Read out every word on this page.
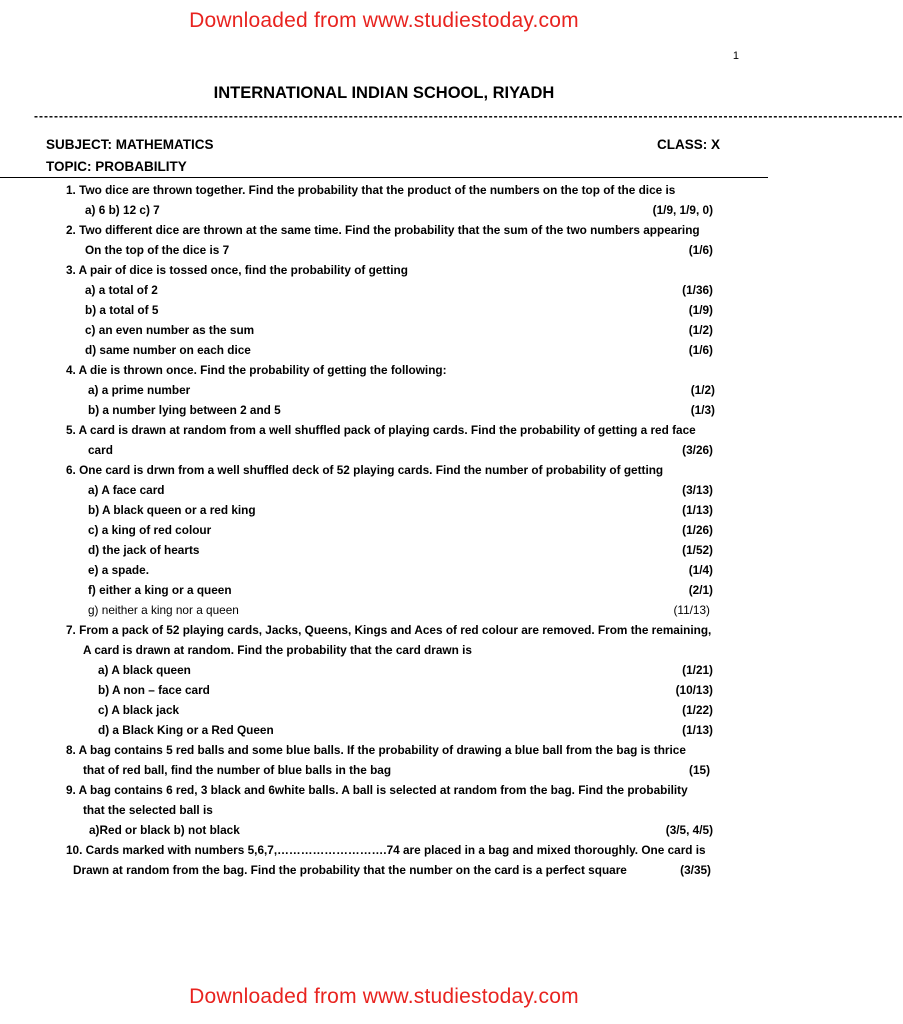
Downloaded from www.studiestoday.com
1
INTERNATIONAL INDIAN SCHOOL, RIYADH
------------------------------------------------------------------------------------------------------------------------------------------------------------------------------
SUBJECT: MATHEMATICS	CLASS: X
TOPIC: PROBABILITY
1. Two dice are thrown together. Find the probability that the product of the numbers on the top of the dice is
a) 6 b) 12 c) 7	(1/9, 1/9, 0)
2. Two different dice are thrown at the same time. Find the probability that the sum of the two numbers appearing
On the top of the dice is 7	(1/6)
3. A pair of dice is tossed once, find the probability of getting
a) a total of 2	(1/36)
b) a total of 5	(1/9)
c) an even number as the sum	(1/2)
d) same number on each dice	(1/6)
4. A die is thrown once. Find the probability of getting the following:
a) a prime number	(1/2)
b) a number lying between 2 and 5	(1/3)
5. A card is drawn at random from a well shuffled pack of playing cards. Find the probability of getting a red face
card	(3/26)
6. One card is drwn from a well shuffled deck of 52 playing cards. Find the number of probability of getting
a) A face card	(3/13)
b) A black queen or a red king	(1/13)
c) a king of red colour	(1/26)
d) the jack of hearts	(1/52)
e) a spade.	(1/4)
f) either a king or a queen	(2/1)
g) neither a king nor a queen	(11/13)
7. From a pack of 52 playing cards, Jacks, Queens, Kings and Aces of red colour are removed. From the remaining,
A card is drawn at random. Find the probability that the card drawn is
a) A black queen	(1/21)
b) A non – face card	(10/13)
c) A black jack	(1/22)
d) a Black King or a Red Queen	(1/13)
8. A bag contains 5 red balls and some blue balls. If the probability of drawing a blue ball from the bag is thrice
that of red ball, find the number of blue balls in the bag	(15)
9. A bag contains 6 red, 3 black and 6white balls. A ball is selected at random from the bag. Find the probability
that the selected ball is
a)Red or black b) not black	(3/5, 4/5)
10. Cards marked with numbers 5,6,7,……………………….74 are placed in a bag and mixed thoroughly. One card is
Drawn at random from the bag. Find the probability that the number on the card is a perfect square	(3/35)
Downloaded from www.studiestoday.com
